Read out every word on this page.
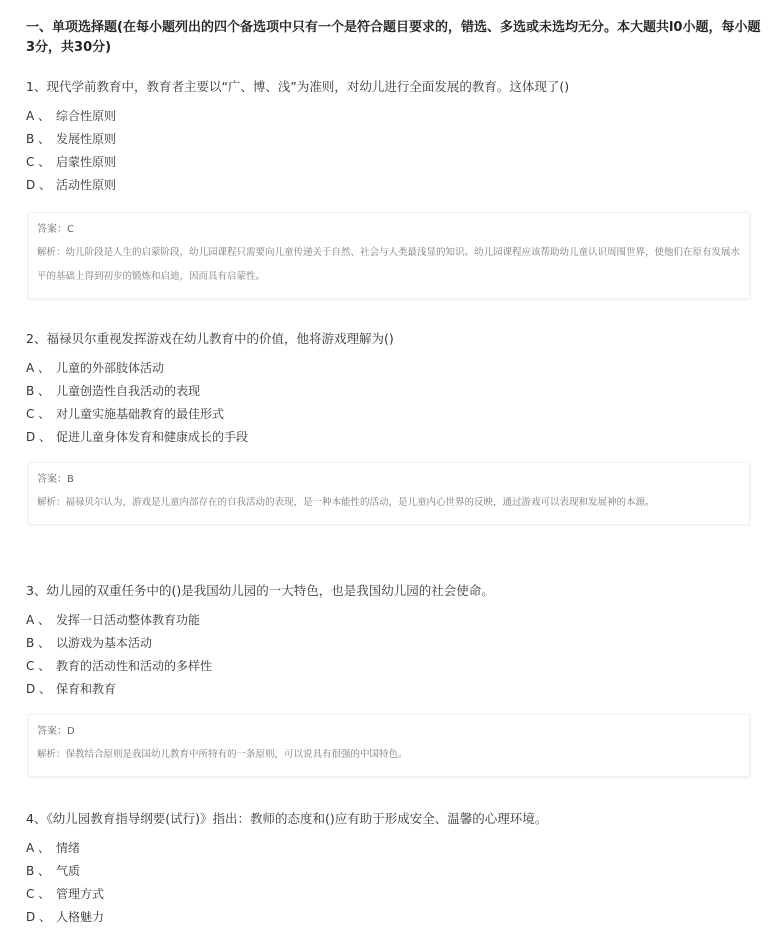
一、单项选择题(在每小题列出的四个备选项中只有一个是符合题目要求的，错选、多选或未选均无分。本大题共l0小题，每小题3分，共30分)

1、现代学前教育中，教育者主要以“广、博、浅”为准则，对幼儿进行全面发展的教育。这体现了()

A 、 综合性原则
B 、 发展性原则
C 、 启蒙性原则
D 、 活动性原则
答案：C
解析：幼儿阶段是人生的启蒙阶段，幼儿园课程只需要向儿童传递关于自然、社会与人类最浅显的知识。幼儿园课程应该帮助幼儿童认识周围世界，使他们在原有发展水平的基础上得到初步的锻炼和启迪，因而具有启蒙性。

2、福禄贝尔重视发挥游戏在幼儿教育中的价值，他将游戏理解为()

A 、 儿童的外部肢体活动
B 、 儿童创造性自我活动的表现
C 、 对儿童实施基础教育的最佳形式
D 、 促进儿童身体发育和健康成长的手段
答案：B
解析：福禄贝尔认为，游戏是儿童内部存在的自我活动的表现，是一种本能性的活动，是儿童内心世界的反映，通过游戏可以表现和发展神的本源。

3、幼儿园的双重任务中的()是我国幼儿园的一大特色，也是我国幼儿园的社会使命。

A 、 发挥一日活动整体教育功能
B 、 以游戏为基本活动
C 、 教育的活动性和活动的多样性
D 、 保育和教育
答案：D
解析：保教结合原则是我国幼儿教育中所特有的一条原则，可以说具有很强的中国特色。

4、《幼儿园教育指导纲要(试行)》指出：教师的态度和()应有助于形成安全、温馨的心理环境。

A 、 情绪
B 、 气质
C 、 管理方式
D 、 人格魅力
